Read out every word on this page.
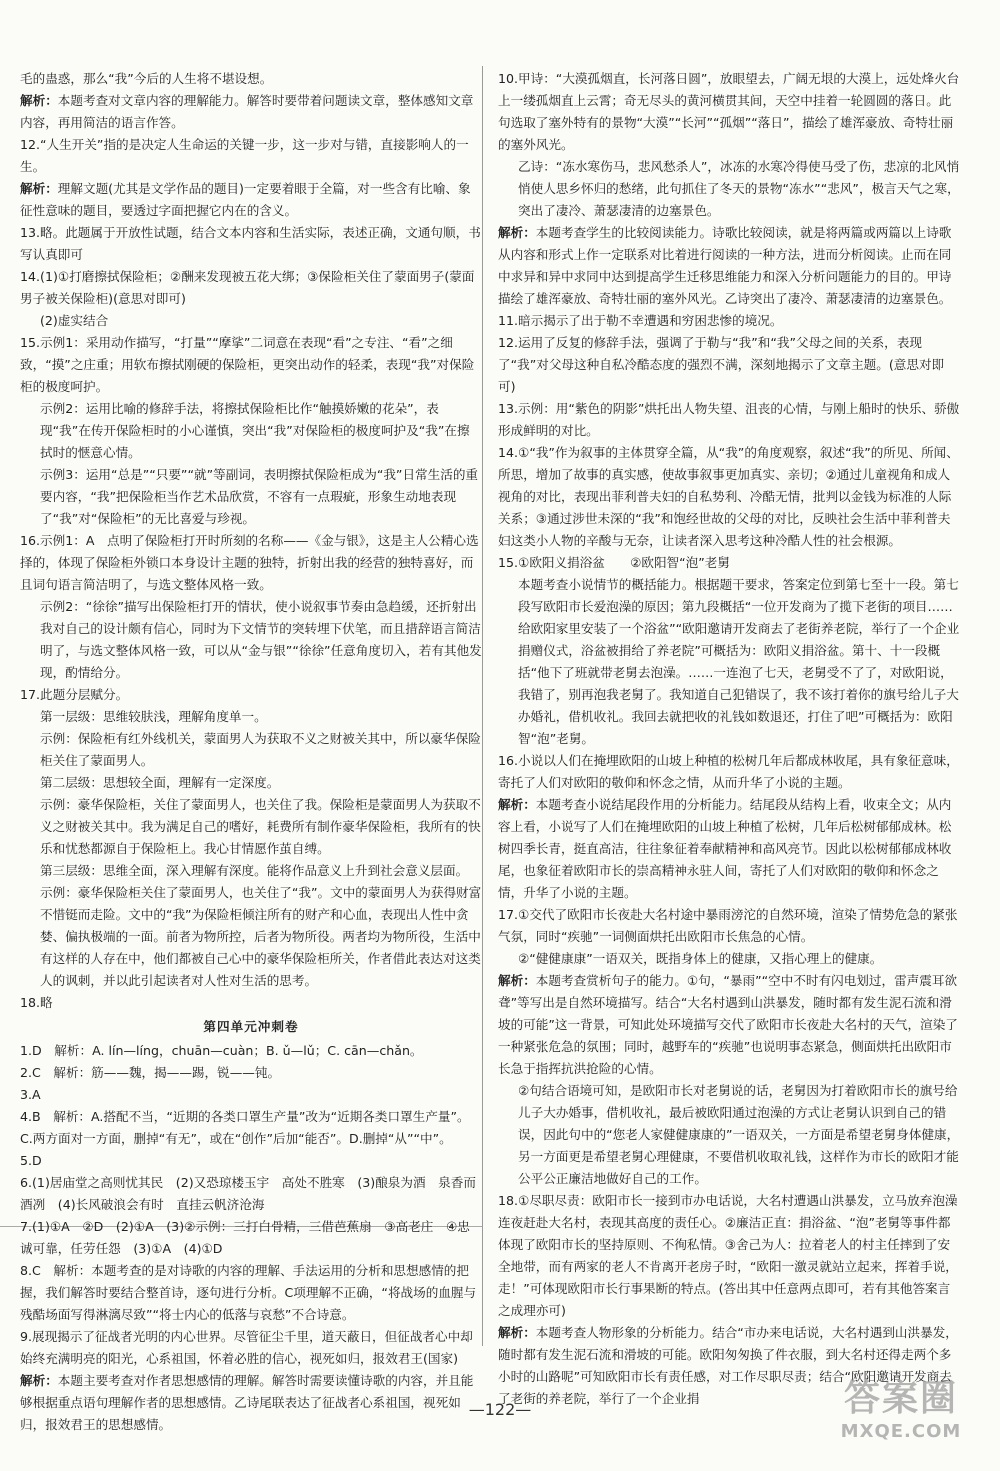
毛的蛊惑，那么“我”今后的人生将不堪设想。

解析：本题考查对文章内容的理解能力。解答时要带着问题读文章，整体感知文章内容，再用简洁的语言作答。

12.“人生开关”指的是决定人生命运的关键一步，这一步对与错，直接影响人的一生。

解析：理解文题(尤其是文学作品的题目)一定要着眼于全篇，对一些含有比喻、象征性意味的题目，要透过字面把握它内在的含义。

13.略。此题属于开放性试题，结合文本内容和生活实际，表述正确，文通句顺，书写认真即可

14.(1)①打磨擦拭保险柜；②酬来发现被五花大绑；③保险柜关住了蒙面男子(蒙面男子被关保险柜)(意思对即可)

(2)虚实结合

15.示例1：采用动作描写，“打量”“摩挲”二词意在表现“看”之专注、“看”之细致，“摸”之庄重；用软布擦拭刚硬的保险柜，更突出动作的轻柔，表现“我”对保险柜的极度呵护。

示例2：运用比喻的修辞手法，将擦拭保险柜比作“触摸娇嫩的花朵”，表现“我”在传开保险柜时的小心谨慎，突出“我”对保险柜的极度呵护及“我”在擦拭时的惬意心情。

示例3：运用“总是”“只要”“就”等副词，表明擦拭保险柜成为“我”日常生活的重要内容，“我”把保险柜当作艺术品欣赏，不容有一点瑕疵，形象生动地表现了“我”对“保险柜”的无比喜爱与珍视。

16.示例1：A　点明了保险柜打开时所刻的名称——《金与银》，这是主人公精心选择的，体现了保险柜外锁口本身设计主题的独特，折射出我的经营的独特喜好，而且词句语言简洁明了，与选文整体风格一致。

示例2：“徐徐”描写出保险柜打开的情状，使小说叙事节奏由急趋缓，还折射出我对自己的设计颇有信心，同时为下文情节的突转埋下伏笔，而且措辞语言简洁明了，与选文整体风格一致，可以从“金与银”“徐徐”任意角度切入，若有其他发现，酌情给分。

17.此题分层赋分。

第一层级：思维较肤浅，理解角度单一。

示例：保险柜有红外线机关，蒙面男人为获取不义之财被关其中，所以豪华保险柜关住了蒙面男人。

第二层级：思想较全面，理解有一定深度。

示例：豪华保险柜，关住了蒙面男人，也关住了我。保险柜是蒙面男人为获取不义之财被关其中。我为满足自己的嗜好，耗费所有制作豪华保险柜，我所有的快乐和忧愁都源自于保险柜上。我心甘情愿作茧自缚。

第三层级：思维全面，深入理解有深度。能将作品意义上升到社会意义层面。

示例：豪华保险柜关住了蒙面男人，也关住了“我”。文中的蒙面男人为获得财富不惜铤而走险。文中的“我”为保险柜倾注所有的财产和心血，表现出人性中贪婪、偏执极端的一面。前者为物所控，后者为物所役。两者均为物所役，生活中有这样的人存在中，他们都被自己心中的豪华保险柜所关，作者借此表达对这类人的讽刺，并以此引起读者对人性对生活的思考。

18.略

第四单元冲刺卷

1.D　解析：A. lín—líng，chuān—cuàn；B. ǔ—lǔ；C. cān—chǎn。

2.C　解析：筋——魏，揭——踢，锐——钝。

3.A

4.B　解析：A.搭配不当，“近期的各类口罩生产量”改为“近期各类口罩生产量”。C.两方面对一方面，删掉“有无”，或在“创作”后加“能否”。D.删掉“从”“中”。

5.D

6.(1)居庙堂之高则忧其民　(2)又恐琼楼玉宇　高处不胜寒　(3)酿泉为酒　泉香而酒冽　(4)长风破浪会有时　直挂云帆济沧海

7.(1)①A　②D　(2)①A　(3)②示例：三打白骨精，三借芭蕉扇　③高老庄　④忠诚可靠，任劳任怨　(3)①A　(4)①D

8.C　解析：本题考查的是对诗歌的内容的理解、手法运用的分析和思想感情的把握，我们解答时要结合整首诗，逐句进行分析。C项理解不正确，“将战场的血腥与残酷场面写得淋漓尽致”“将士内心的低落与哀愁”不合诗意。

9.展现揭示了征战者光明的内心世界。尽管征尘千里，道天蔽日，但征战者心中却始终充满明亮的阳光，心系祖国，怀着必胜的信心，视死如归，报效君王(国家)

解析：本题主要考查对作者思想感情的理解。解答时需要读懂诗歌的内容，并且能够根据重点语句理解作者的思想感情。乙诗尾联表达了征战者心系祖国，视死如归，报效君王的思想感情。

10.甲诗：“大漠孤烟直，长河落日圆”，放眼望去，广阔无垠的大漠上，远处烽火台上一缕孤烟直上云霄；奇无尽头的黄河横贯其间，天空中挂着一轮圆圆的落日。此句选取了塞外特有的景物“大漠”“长河”“孤烟”“落日”，描绘了雄浑豪放、奇特壮丽的塞外风光。

乙诗：“冻水寒伤马，悲风愁杀人”，冰冻的水寒冷得使马受了伤，悲凉的北风悄悄使人思乡怀归的愁绪，此句抓住了冬天的景物“冻水”“悲风”，极言天气之寒，突出了凄冷、萧瑟凄清的边塞景色。

解析：本题考查学生的比较阅读能力。诗歌比较阅读，就是将两篇或两篇以上诗歌从内容和形式上作一定联系对比着进行阅读的一种方法，进而分析阅读。止而在同中求异和异中求同中达到提高学生迁移思维能力和深入分析问题能力的目的。甲诗描绘了雄浑豪放、奇特壮丽的塞外风光。乙诗突出了凄冷、萧瑟凄清的边塞景色。

11.暗示揭示了出于勒不幸遭遇和穷困悲惨的境况。

12.运用了反复的修辞手法，强调了于勒与“我”和“我”父母之间的关系，表现了“我”对父母这种自私冷酷态度的强烈不满，深刻地揭示了文章主题。(意思对即可)

13.示例：用“紫色的阴影”烘托出人物失望、沮丧的心情，与刚上船时的快乐、骄傲形成鲜明的对比。

14.①“我”作为叙事的主体贯穿全篇，从“我”的角度观察，叙述“我”的所见、所闻、所思，增加了故事的真实感，使故事叙事更加真实、亲切；②通过儿童视角和成人视角的对比，表现出菲利普夫妇的自私势利、冷酷无情，批判以金钱为标准的人际关系；③通过涉世未深的“我”和饱经世故的父母的对比，反映社会生活中菲利普夫妇这类小人物的辛酸与无奈，让读者深入思考这种冷酷人性的社会根源。

15.①欧阳义捐浴盆　　②欧阳智“泡”老舅

本题考查小说情节的概括能力。根据题干要求，答案定位到第七至十一段。第七段写欧阳市长爱泡澡的原因；第九段概括“一位开发商为了揽下老街的项目……给欧阳家里安装了一个浴盆”“欧阳邀请开发商去了老街养老院，举行了一个企业捐赠仪式，浴盆被捐给了养老院”可概括为：欧阳义捐浴盆。第十、十一段概括“他下了班就带老舅去泡澡。……一连泡了七天，老舅受不了了，对欧阳说，我错了，别再泡我老舅了。我知道自己犯错误了，我不该打着你的旗号给儿子大办婚礼，借机收礼。我回去就把收的礼钱如数退还，打住了吧”可概括为：欧阳智“泡”老舅。

16.小说以人们在掩埋欧阳的山坡上种植的松树几年后都成林收尾，具有象征意味，寄托了人们对欧阳的敬仰和怀念之情，从而升华了小说的主题。

解析：本题考查小说结尾段作用的分析能力。结尾段从结构上看，收束全文；从内容上看，小说写了人们在掩埋欧阳的山坡上种植了松树，几年后松树郁郁成林。松树四季长青，挺直高洁，往往象征着奉献精神和高风亮节。因此以松树郁郁成林收尾，也象征着欧阳市长的崇高精神永驻人间，寄托了人们对欧阳的敬仰和怀念之情，升华了小说的主题。

17.①交代了欧阳市长夜赴大名村途中暴雨滂沱的自然环境，渲染了情势危急的紧张气氛，同时“疾驰”一词侧面烘托出欧阳市长焦急的心情。

②“健健康康”一语双关，既指身体上的健康，又指心理上的健康。

解析：本题考查赏析句子的能力。①句，“暴雨”“空中不时有闪电划过，雷声震耳欲聋”等写出是自然环境描写。结合“大名村遇到山洪暴发，随时都有发生泥石流和滑坡的可能”这一背景，可知此处环境描写交代了欧阳市长夜赴大名村的天气，渲染了一种紧张危急的氛围；同时，越野车的“疾驰”也说明事态紧急，侧面烘托出欧阳市长急于指挥抗洪抢险的心情。

②句结合语境可知，是欧阳市长对老舅说的话，老舅因为打着欧阳市长的旗号给儿子大办婚事，借机收礼，最后被欧阳通过泡澡的方式让老舅认识到自己的错误，因此句中的“您老人家健健康康的”一语双关，一方面是希望老舅身体健康，另一方面更是希望老舅心理健康，不要借机收取礼钱，这样作为市长的欧阳才能公平公正廉洁地做好自己的工作。

18.①尽职尽责：欧阳市长一接到市办电话说，大名村遭遇山洪暴发，立马放弃泡澡连夜赶赴大名村，表现其高度的责任心。②廉洁正直：捐浴盆、“泡”老舅等事件都体现了欧阳市长的坚持原则、不徇私情。③舍己为人：拉着老人的村主任摔到了安全地带，而有两家的老人不肯离开老房子时，“欧阳一激灵就站立起来，挥着手说，走！”可体现欧阳市长行事果断的特点。(答出其中任意两点即可，若有其他答案言之成理亦可)

解析：本题考查人物形象的分析能力。结合“市办来电话说，大名村遇到山洪暴发，随时都有发生泥石流和滑坡的可能。欧阳匆匆换了件衣服，到大名村还得走两个多小时的山路呢”可知欧阳市长有责任感，对工作尽职尽责；结合“欧阳邀请开发商去了老街的养老院，举行了一个企业捐

—122—	答案圈
MXQE.COM
